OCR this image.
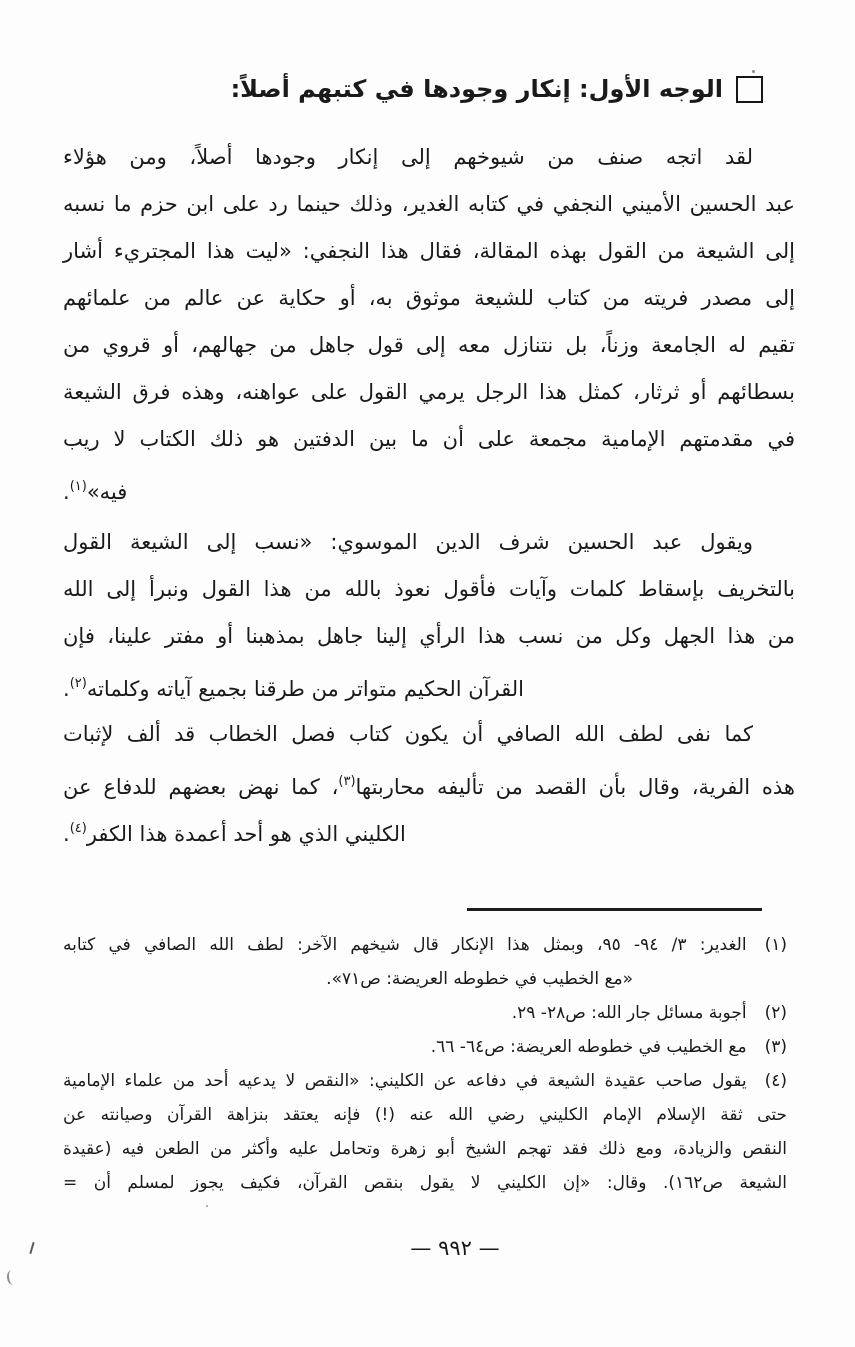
الوجه الأول: إنكار وجودها في كتبهم أصلاً:
لقد اتجه صنف من شيوخهم إلى إنكار وجودها أصلاً، ومن هؤلاء
عبد الحسين الأميني النجفي في كتابه الغدير، وذلك حينما رد على ابن حزم ما نسبه
إلى الشيعة من القول بهذه المقالة، فقال هذا النجفي: «ليت هذا المجتريء أشار
إلى مصدر فريته من كتاب للشيعة موثوق به، أو حكاية عن عالم من علمائهم
تقيم له الجامعة وزناً، بل نتنازل معه إلى قول جاهل من جهالهم، أو قروي من
بسطائهم أو ثرثار، كمثل هذا الرجل يرمي القول على عواهنه، وهذه فرق الشيعة
في مقدمتهم الإمامية مجمعة على أن ما بين الدفتين هو ذلك الكتاب لا ريب
فيه»$^{(١)}$.
ويقول عبد الحسين شرف الدين الموسوي: «نسب إلى الشيعة القول
بالتخريف بإسقاط كلمات وآيات فأقول نعوذ بالله من هذا القول ونبرأ إلى الله
من هذا الجهل وكل من نسب هذا الرأي إلينا جاهل بمذهبنا أو مفتر علينا، فإن
القرآن الحكيم متواتر من طرقنا بجميع آياته وكلماته$^{(٢)}$.
كما نفى لطف الله الصافي أن يكون كتاب فصل الخطاب قد ألف لإثبات
هذه الفرية، وقال بأن القصد من تأليفه محاربتها$^{(٣)}$، كما نهض بعضهم للدفاع عن
الكليني الذي هو أحد أعمدة هذا الكفر$^{(٤)}$.
(١)الغدير: ٣/ ٩٤- ٩٥، وبمثل هذا الإنكار قال شيخهم الآخر: لطف الله الصافي في كتابه
«مع الخطيب في خطوطه العريضة: ص٧١».
(٢)أجوبة مسائل جار الله: ص٢٨- ٢٩.
(٣)مع الخطيب في خطوطه العريضة: ص٦٤- ٦٦.
(٤)يقول صاحب عقيدة الشيعة في دفاعه عن الكليني: «النقص لا يدعيه أحد من علماء الإمامية
حتى ثقة الإسلام الإمام الكليني رضي الله عنه (!) فإنه يعتقد بنزاهة القرآن وصيانته عن
النقص والزيادة، ومع ذلك فقد تهجم الشيخ أبو زهرة وتحامل عليه وأكثر من الطعن فيه (عقيدة
الشيعة ص١٦٢). وقال: «إن الكليني لا يقول بنقص القرآن، فكيف يجوز لمسلم أن =
— ٩٩٢ —
